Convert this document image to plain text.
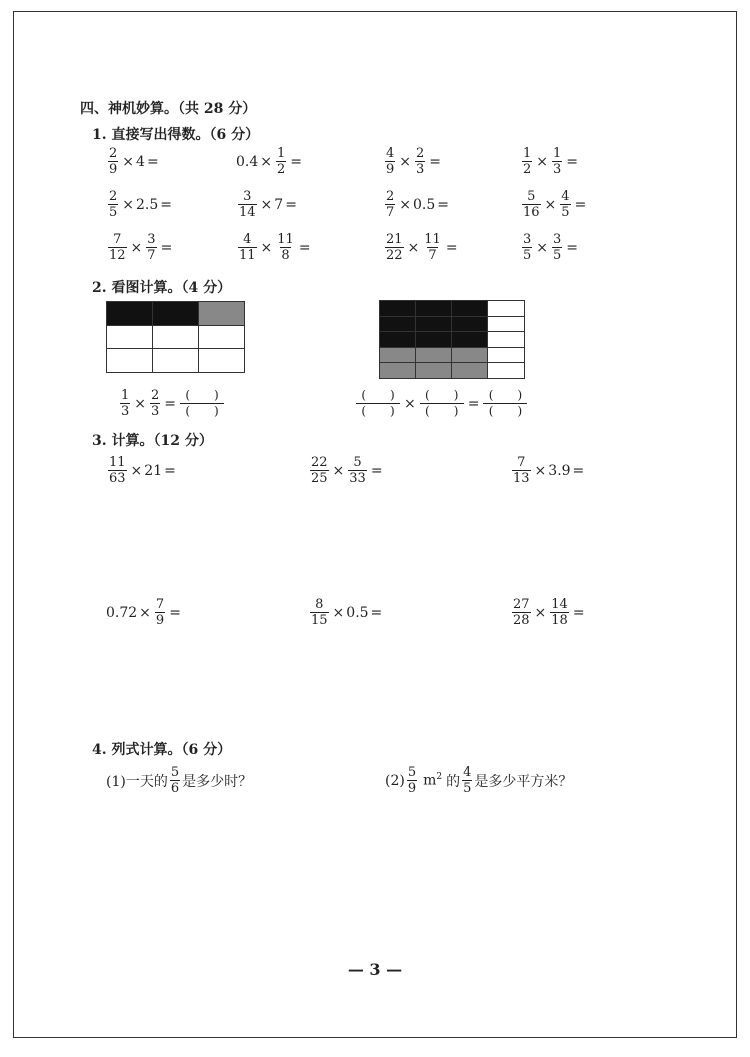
四、神机妙算。（共 28 分）
1. 直接写出得数。（6 分）
$\frac{2}{9} \times 4$ =	$0.4 \times \frac{1}{2}$ =	$\frac{4}{9} \times \frac{2}{3}$ =	$\frac{1}{2} \times \frac{1}{3}$ =
$\frac{2}{5} \times 2.5$ =	$\frac{3}{14} \times 7$ =	$\frac{2}{7} \times 0.5$ =	$\frac{5}{16} \times \frac{4}{5}$ =
$\frac{7}{12} \times \frac{3}{7}$ =	$\frac{4}{11} \times \frac{11}{8}$ =	$\frac{21}{22} \times \frac{11}{7}$ =	$\frac{3}{5} \times \frac{3}{5}$ =
2. 看图计算。（4 分）

$\frac{1}{3} \times \frac{2}{3}$ =
(　　)
(　　)
(　　)
(　　) ×
(　　)
(　　) =
(　　)
(　　)
3. 计算。（12 分）
$\frac{11}{63} \times 21$ =	$\frac{22}{25} \times \frac{5}{33}$ =	$\frac{7}{13} \times 3.9$ =
$0.72 \times \frac{7}{9}$ =	$\frac{8}{15} \times 0.5$ =	$\frac{27}{28} \times \frac{14}{18}$ =
4. 列式计算。（6 分）
(1)一天的 $\frac{5}{6}$ 是多少时？	$(2) \frac{5}{9} m^2$ 的 $\frac{4}{5}$ 是多少平方米？
— 3 —
